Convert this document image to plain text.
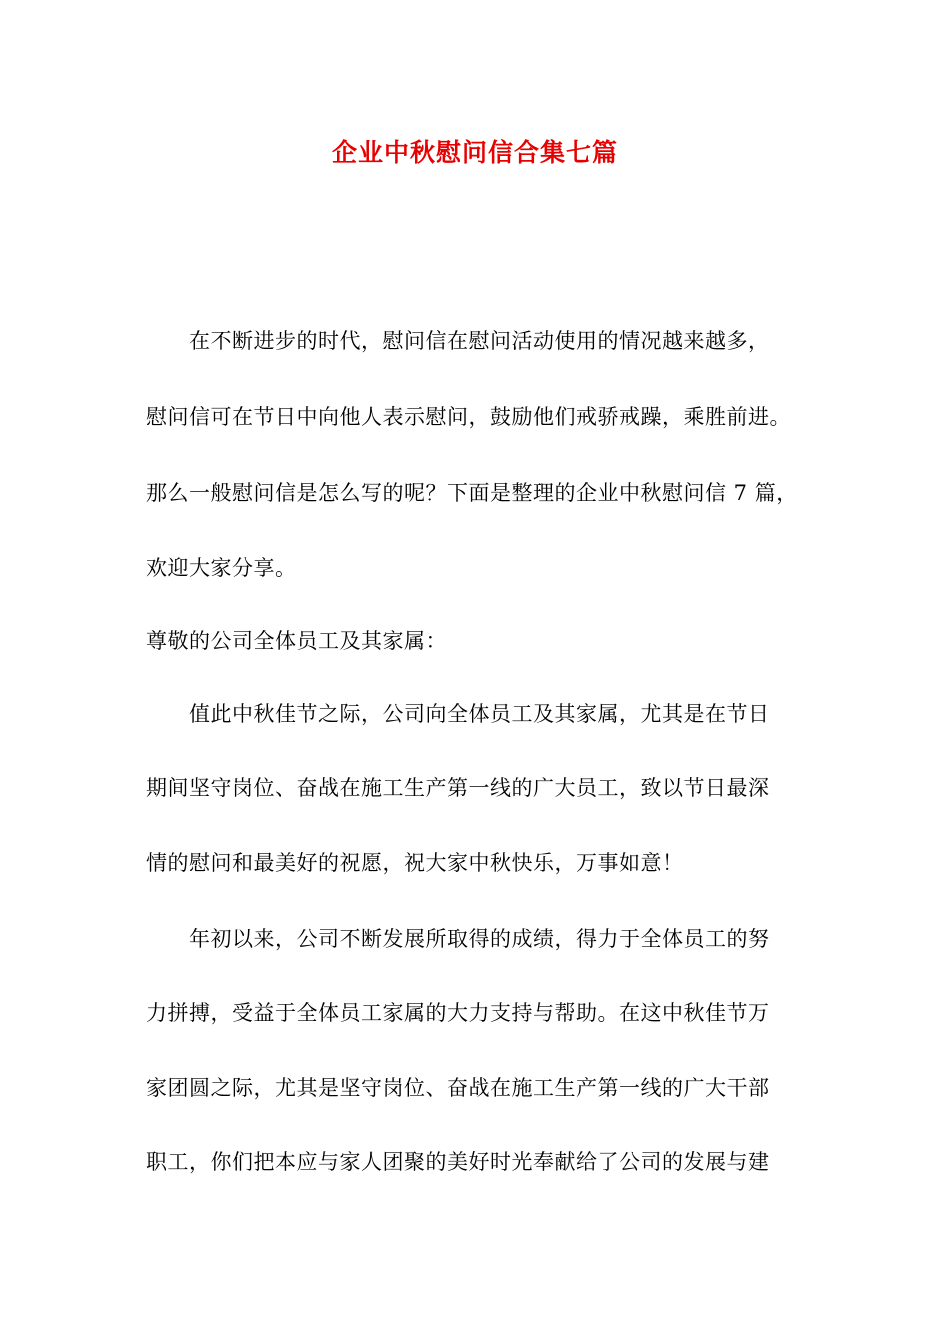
企业中秋慰问信合集七篇
在不断进步的时代，慰问信在慰问活动使用的情况越来越多，
慰问信可在节日中向他人表示慰问，鼓励他们戒骄戒躁，乘胜前进。
那么一般慰问信是怎么写的呢？下面是整理的企业中秋慰问信 7 篇，
欢迎大家分享。
尊敬的公司全体员工及其家属：
值此中秋佳节之际，公司向全体员工及其家属，尤其是在节日
期间坚守岗位、奋战在施工生产第一线的广大员工，致以节日最深
情的慰问和最美好的祝愿，祝大家中秋快乐，万事如意！
年初以来，公司不断发展所取得的成绩，得力于全体员工的努
力拼搏，受益于全体员工家属的大力支持与帮助。在这中秋佳节万
家团圆之际，尤其是坚守岗位、奋战在施工生产第一线的广大干部
职工，你们把本应与家人团聚的美好时光奉献给了公司的发展与建
